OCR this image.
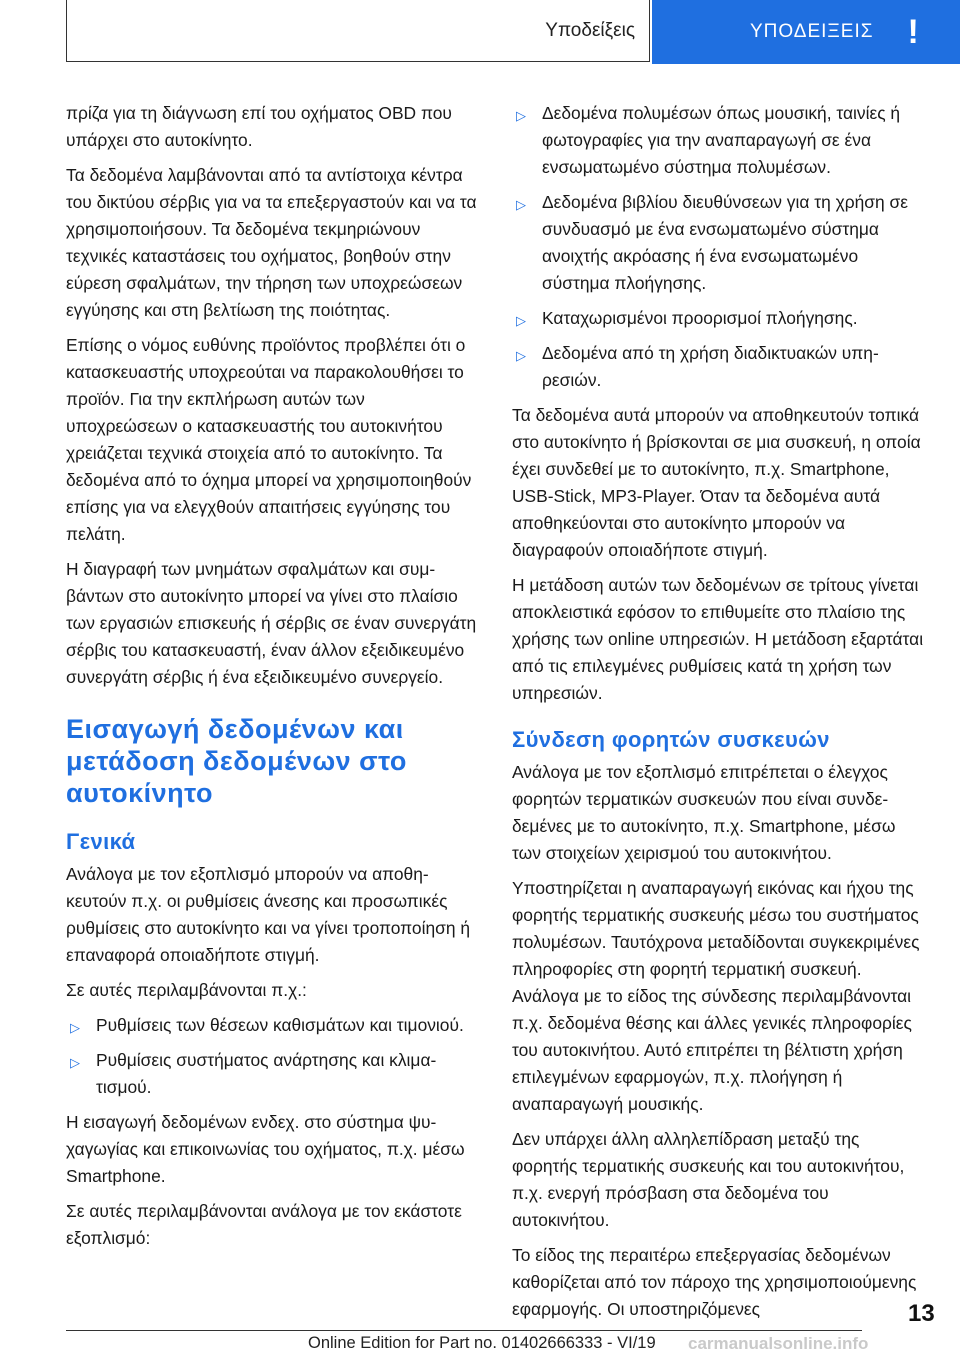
Υποδείξεις	ΥΠΟΔΕΙΞΕΙΣ !

πρίζα για τη διάγνωση επί του οχήματος OBD που υπάρχει στο αυτοκίνητο.

Τα δεδομένα λαμβάνονται από τα αντίστοιχα κέντρα του δικτύου σέρβις για να τα επεξεργαστούν και να τα χρησιμοποιήσουν. Τα δεδομένα τεκμηριώνουν τεχνικές καταστάσεις του οχήματος, βοηθούν στην εύρεση σφαλμάτων, την τήρηση των υποχρεώσεων εγγύησης και στη βελτίωση της ποιότητας.

Επίσης ο νόμος ευθύνης προϊόντος προβλέπει ότι ο κατασκευαστής υποχρεούται να παρακολουθήσει το προϊόν. Για την εκπλήρωση αυτών των υποχρεώσεων ο κατασκευαστής του αυτοκινήτου χρειάζεται τεχνικά στοιχεία από το αυτοκίνητο. Τα δεδομένα από το όχημα μπορεί να χρησιμοποιηθούν επίσης για να ελεγχθούν απαιτήσεις εγγύησης του πελάτη.

Η διαγραφή των μνημάτων σφαλμάτων και συμβάντων στο αυτοκίνητο μπορεί να γίνει στο πλαίσιο των εργασιών επισκευής ή σέρβις σε έναν συνεργάτη σέρβις του κατασκευαστή, έναν άλλον εξειδικευμένο συνεργάτη σέρβις ή ένα εξειδικευμένο συνεργείο.

Εισαγωγή δεδομένων και μετάδοση δεδομένων στο αυτοκίνητο
Γενικά

Ανάλογα με τον εξοπλισμό μπορούν να αποθηκευτούν π.χ. οι ρυθμίσεις άνεσης και προσωπικές ρυθμίσεις στο αυτοκίνητο και να γίνει τροποποίηση ή επαναφορά οποιαδήποτε στιγμή.

Σε αυτές περιλαμβάνονται π.χ.:

▷ Ρυθμίσεις των θέσεων καθισμάτων και τιμονιού.

▷ Ρυθμίσεις συστήματος ανάρτησης και κλιματισμού.

Η εισαγωγή δεδομένων ενδεχ. στο σύστημα ψυχαγωγίας και επικοινωνίας του οχήματος, π.χ. μέσω Smartphone.

Σε αυτές περιλαμβάνονται ανάλογα με τον εκάστοτε εξοπλισμό:

▷ Δεδομένα πολυμέσων όπως μουσική, ταινίες ή φωτογραφίες για την αναπαραγωγή σε ένα ενσωματωμένο σύστημα πολυμέσων.

▷ Δεδομένα βιβλίου διευθύνσεων για τη χρήση σε συνδυασμό με ένα ενσωματωμένο σύστημα ανοιχτής ακρόασης ή ένα ενσωματωμένο σύστημα πλοήγησης.

▷ Καταχωρισμένοι προορισμοί πλοήγησης.

▷ Δεδομένα από τη χρήση διαδικτυακών υπηρεσιών.

Τα δεδομένα αυτά μπορούν να αποθηκευτούν τοπικά στο αυτοκίνητο ή βρίσκονται σε μια συσκευή, η οποία έχει συνδεθεί με το αυτοκίνητο, π.χ. Smartphone, USB-Stick, MP3-Player. Όταν τα δεδομένα αυτά αποθηκεύονται στο αυτοκίνητο μπορούν να διαγραφούν οποιαδήποτε στιγμή.

Η μετάδοση αυτών των δεδομένων σε τρίτους γίνεται αποκλειστικά εφόσον το επιθυμείτε στο πλαίσιο της χρήσης των online υπηρεσιών. Η μετάδοση εξαρτάται από τις επιλεγμένες ρυθμίσεις κατά τη χρήση των υπηρεσιών.

Σύνδεση φορητών συσκευών

Ανάλογα με τον εξοπλισμό επιτρέπεται ο έλεγχος φορητών τερματικών συσκευών που είναι συνδεδεμένες με το αυτοκίνητο, π.χ. Smartphone, μέσω των στοιχείων χειρισμού του αυτοκινήτου.

Υποστηρίζεται η αναπαραγωγή εικόνας και ήχου της φορητής τερματικής συσκευής μέσω του συστήματος πολυμέσων. Ταυτόχρονα μεταδίδονται συγκεκριμένες πληροφορίες στη φορητή τερματική συσκευή. Ανάλογα με το είδος της σύνδεσης περιλαμβάνονται π.χ. δεδομένα θέσης και άλλες γενικές πληροφορίες του αυτοκινήτου. Αυτό επιτρέπει τη βέλτιστη χρήση επιλεγμένων εφαρμογών, π.χ. πλοήγηση ή αναπαραγωγή μουσικής.

Δεν υπάρχει άλλη αλληλεπίδραση μεταξύ της φορητής τερματικής συσκευής και του αυτοκινήτου, π.χ. ενεργή πρόσβαση στα δεδομένα του αυτοκινήτου.

Το είδος της περαιτέρω επεξεργασίας δεδομένων καθορίζεται από τον πάροχο της χρησιμοποιούμενης εφαρμογής. Οι υποστηριζόμενες	13
Online Edition for Part no. 01402666333 - VI/19 carmanualsonline.info
